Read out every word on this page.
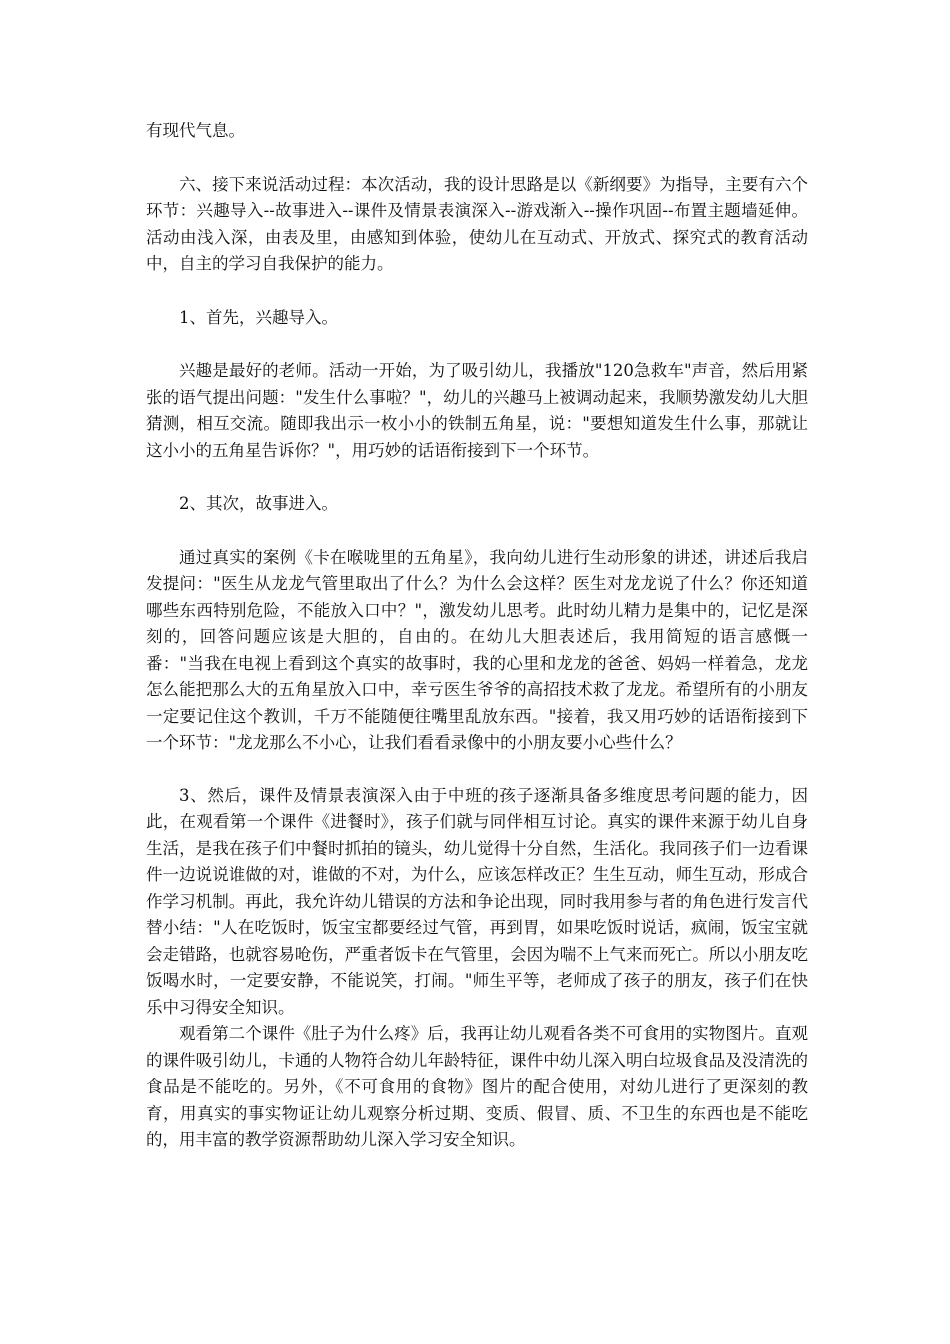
有现代气息。

六、接下来说活动过程：本次活动，我的设计思路是以《新纲要》为指导，主要有六个环节：兴趣导入--故事进入--课件及情景表演深入--游戏渐入--操作巩固--布置主题墙延伸。活动由浅入深，由表及里，由感知到体验，使幼儿在互动式、开放式、探究式的教育活动中，自主的学习自我保护的能力。

1、首先，兴趣导入。

兴趣是最好的老师。活动一开始，为了吸引幼儿，我播放"120急救车"声音，然后用紧张的语气提出问题："发生什么事啦？"，幼儿的兴趣马上被调动起来，我顺势激发幼儿大胆猜测，相互交流。随即我出示一枚小小的铁制五角星，说："要想知道发生什么事，那就让这小小的五角星告诉你？"，用巧妙的话语衔接到下一个环节。

2、其次，故事进入。

通过真实的案例《卡在喉咙里的五角星》，我向幼儿进行生动形象的讲述，讲述后我启发提问："医生从龙龙气管里取出了什么？为什么会这样？医生对龙龙说了什么？你还知道哪些东西特别危险，不能放入口中？"，激发幼儿思考。此时幼儿精力是集中的，记忆是深刻的，回答问题应该是大胆的，自由的。在幼儿大胆表述后，我用简短的语言感慨一番："当我在电视上看到这个真实的故事时，我的心里和龙龙的爸爸、妈妈一样着急，龙龙怎么能把那么大的五角星放入口中，幸亏医生爷爷的高招技术救了龙龙。希望所有的小朋友一定要记住这个教训，千万不能随便往嘴里乱放东西。"接着，我又用巧妙的话语衔接到下一个环节："龙龙那么不小心，让我们看看录像中的小朋友要小心些什么？

3、然后，课件及情景表演深入由于中班的孩子逐渐具备多维度思考问题的能力，因此，在观看第一个课件《进餐时》，孩子们就与同伴相互讨论。真实的课件来源于幼儿自身生活，是我在孩子们中餐时抓拍的镜头，幼儿觉得十分自然，生活化。我同孩子们一边看课件一边说说谁做的对，谁做的不对，为什么，应该怎样改正？生生互动，师生互动，形成合作学习机制。再此，我允许幼儿错误的方法和争论出现，同时我用参与者的角色进行发言代替小结："人在吃饭时，饭宝宝都要经过气管，再到胃，如果吃饭时说话，疯闹，饭宝宝就会走错路，也就容易呛伤，严重者饭卡在气管里，会因为喘不上气来而死亡。所以小朋友吃饭喝水时，一定要安静，不能说笑，打闹。"师生平等，老师成了孩子的朋友，孩子们在快乐中习得安全知识。

观看第二个课件《肚子为什么疼》后，我再让幼儿观看各类不可食用的实物图片。直观的课件吸引幼儿，卡通的人物符合幼儿年龄特征，课件中幼儿深入明白垃圾食品及没清洗的食品是不能吃的。另外，《不可食用的食物》图片的配合使用，对幼儿进行了更深刻的教育，用真实的事实物证让幼儿观察分析过期、变质、假冒、质、不卫生的东西也是不能吃的，用丰富的教学资源帮助幼儿深入学习安全知识。
